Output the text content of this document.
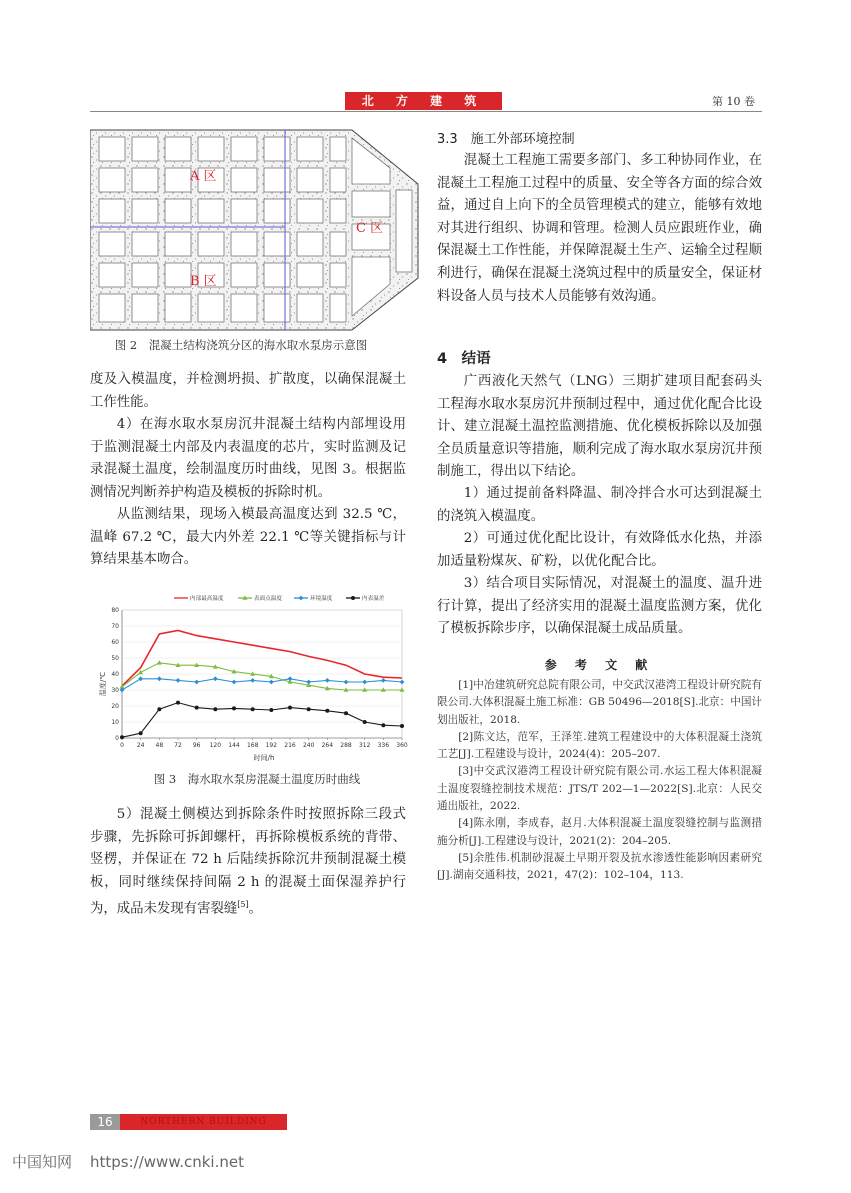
北 方 建 筑	第 10 卷
A 区
B 区
C 区
图 2　混凝土结构浇筑分区的海水取水泵房示意图
度及入模温度，并检测坍损、扩散度，以确保混凝土工作性能。
4）在海水取水泵房沉井混凝土结构内部埋设用于监测混凝土内部及内表温度的芯片，实时监测及记录混凝土温度，绘制温度历时曲线，见图 3。根据监测情况判断养护构造及模板的拆除时机。
从监测结果，现场入模最高温度达到 32.5 ℃，温峰 67.2 ℃，最大内外差 22.1 ℃等关键指标与计算结果基本吻合。
内部最高温度	表面点温度	环境温度	内表温差
0
10
20
30
40
50
60
70
80
0 24 48 72 96 120 144 168 192 216 240 264 288 312 336 360
温度/℃
时间/h
图 3　海水取水泵房混凝土温度历时曲线
5）混凝土侧模达到拆除条件时按照拆除三段式步骤，先拆除可拆卸螺杆，再拆除模板系统的背带、竖楞，并保证在 72 h 后陆续拆除沉井预制混凝土模板，同时继续保持间隔 2 h 的混凝土面保湿养护行为，成品未发现有害裂缝[5]。
3.3　施工外部环境控制
混凝土工程施工需要多部门、多工种协同作业，在混凝土工程施工过程中的质量、安全等各方面的综合效益，通过自上向下的全员管理模式的建立，能够有效地对其进行组织、协调和管理。检测人员应跟班作业，确保混凝土工作性能，并保障混凝土生产、运输全过程顺利进行，确保在混凝土浇筑过程中的质量安全，保证材料设备人员与技术人员能够有效沟通。
4　结语
广西液化天然气（LNG）三期扩建项目配套码头工程海水取水泵房沉井预制过程中，通过优化配合比设计、建立混凝土温控监测措施、优化模板拆除以及加强全员质量意识等措施，顺利完成了海水取水泵房沉井预制施工，得出以下结论。
1）通过提前备料降温、制冷拌合水可达到混凝土的浇筑入模温度。
2）可通过优化配比设计，有效降低水化热，并添加适量粉煤灰、矿粉，以优化配合比。
3）结合项目实际情况，对混凝土的温度、温升进行计算，提出了经济实用的混凝土温度监测方案，优化了模板拆除步序，以确保混凝土成品质量。
参 考 文 献
[1]中冶建筑研究总院有限公司，中交武汉港湾工程设计研究院有限公司.大体积混凝土施工标准：GB 50496—2018[S].北京：中国计划出版社，2018.
[2]陈文达，范军，王泽笙.建筑工程建设中的大体积混凝土浇筑工艺[J].工程建设与设计，2024(4)：205–207.
[3]中交武汉港湾工程设计研究院有限公司.水运工程大体积混凝土温度裂缝控制技术规范：JTS/T 202—1—2022[S].北京：人民交通出版社，2022.
[4]陈永刚，李成春，赵月.大体积混凝土温度裂缝控制与监测措施分析[J].工程建设与设计，2021(2)：204–205.
[5]余胜伟.机制砂混凝土早期开裂及抗水渗透性能影响因素研究[J].湖南交通科技，2021，47(2)：102–104，113.
16	NORTHERN BUILDING
中国知网 https://www.cnki.net
